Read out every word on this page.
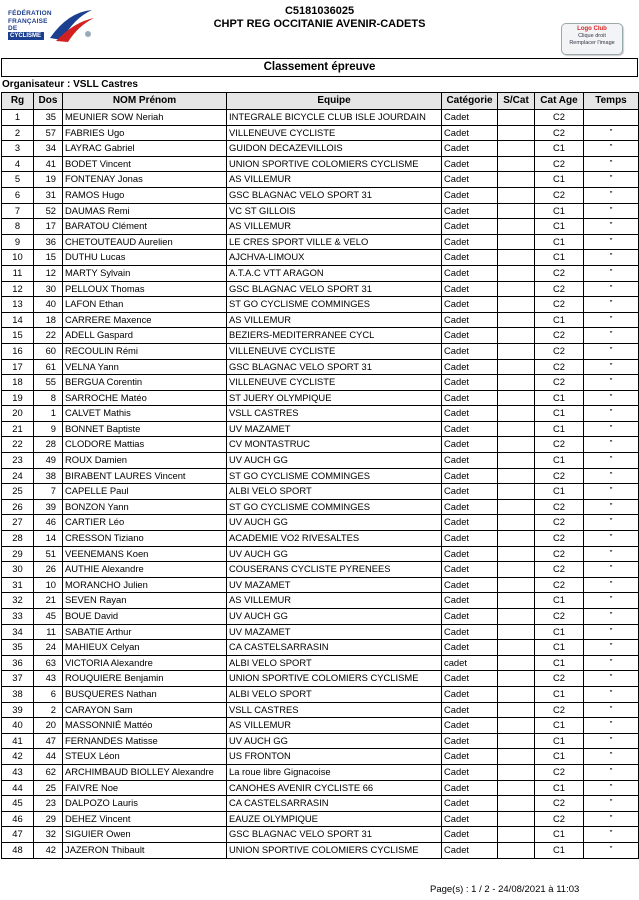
FÉDÉRATION
FRANÇAISE
DE
CYCLISME
C5181036025
CHPT REG OCCITANIE AVENIR-CADETS	Logo Club
Clique droit
Remplacer l'image
Classement épreuve
Organisateur : VSLL Castres
Rg	Dos	NOM Prénom	Equipe	Catégorie	S/Cat	Cat Age	Temps
1	35	MEUNIER SOW Neriah	INTEGRALE BICYCLE CLUB ISLE JOURDAIN	Cadet		C2	
2	57	FABRIES Ugo	VILLENEUVE CYCLISTE	Cadet		C2	"
3	34	LAYRAC Gabriel	GUIDON DECAZEVILLOIS	Cadet		C1	"
4	41	BODET Vincent	UNION SPORTIVE COLOMIERS CYCLISME	Cadet		C2	"
5	19	FONTENAY Jonas	AS VILLEMUR	Cadet		C1	"
6	31	RAMOS Hugo	GSC BLAGNAC VELO SPORT 31	Cadet		C2	"
7	52	DAUMAS Remi	VC ST GILLOIS	Cadet		C1	"
8	17	BARATOU Clément	AS VILLEMUR	Cadet		C1	"
9	36	CHETOUTEAUD Aurelien	LE CRES SPORT VILLE & VELO	Cadet		C1	"
10	15	DUTHU Lucas	AJCHVA-LIMOUX	Cadet		C1	"
11	12	MARTY Sylvain	A.T.A.C VTT ARAGON	Cadet		C2	"
12	30	PELLOUX Thomas	GSC BLAGNAC VELO SPORT 31	Cadet		C2	"
13	40	LAFON Ethan	ST GO CYCLISME COMMINGES	Cadet		C2	"
14	18	CARRERE Maxence	AS VILLEMUR	Cadet		C1	"
15	22	ADELL Gaspard	BEZIERS-MEDITERRANEE CYCL	Cadet		C2	"
16	60	RECOULIN Rémi	VILLENEUVE CYCLISTE	Cadet		C2	"
17	61	VELNA Yann	GSC BLAGNAC VELO SPORT 31	Cadet		C2	"
18	55	BERGUA Corentin	VILLENEUVE CYCLISTE	Cadet		C2	"
19	8	SARROCHE Matéo	ST JUERY OLYMPIQUE	Cadet		C1	"
20	1	CALVET Mathis	VSLL CASTRES	Cadet		C1	"
21	9	BONNET Baptiste	UV MAZAMET	Cadet		C1	"
22	28	CLODORE Mattias	CV MONTASTRUC	Cadet		C2	"
23	49	ROUX Damien	UV AUCH GG	Cadet		C1	"
24	38	BIRABENT LAURES Vincent	ST GO CYCLISME COMMINGES	Cadet		C2	"
25	7	CAPELLE Paul	ALBI VELO SPORT	Cadet		C1	"
26	39	BONZON Yann	ST GO CYCLISME COMMINGES	Cadet		C2	"
27	46	CARTIER Léo	UV AUCH GG	Cadet		C2	"
28	14	CRESSON Tiziano	ACADEMIE VO2 RIVESALTES	Cadet		C2	"
29	51	VEENEMANS Koen	UV AUCH GG	Cadet		C2	"
30	26	AUTHIE Alexandre	COUSERANS CYCLISTE PYRENEES	Cadet		C2	"
31	10	MORANCHO Julien	UV MAZAMET	Cadet		C2	"
32	21	SEVEN Rayan	AS VILLEMUR	Cadet		C1	"
33	45	BOUE David	UV AUCH GG	Cadet		C2	"
34	11	SABATIE Arthur	UV MAZAMET	Cadet		C1	"
35	24	MAHIEUX Celyan	CA CASTELSARRASIN	Cadet		C1	"
36	63	VICTORIA Alexandre	ALBI VELO SPORT	cadet		C1	"
37	43	ROUQUIERE Benjamin	UNION SPORTIVE COLOMIERS CYCLISME	Cadet		C2	"
38	6	BUSQUERES Nathan	ALBI VELO SPORT	Cadet		C1	"
39	2	CARAYON Sam	VSLL CASTRES	Cadet		C2	"
40	20	MASSONNIÉ Mattéo	AS VILLEMUR	Cadet		C1	"
41	47	FERNANDES Matisse	UV AUCH GG	Cadet		C1	"
42	44	STEUX Léon	US FRONTON	Cadet		C1	"
43	62	ARCHIMBAUD BIOLLEY Alexandre	La roue libre Gignacoise	Cadet		C2	"
44	25	FAIVRE Noe	CANOHES AVENIR CYCLISTE 66	Cadet		C1	"
45	23	DALPOZO Lauris	CA CASTELSARRASIN	Cadet		C2	"
46	29	DEHEZ Vincent	EAUZE OLYMPIQUE	Cadet		C2	"
47	32	SIGUIER Owen	GSC BLAGNAC VELO SPORT 31	Cadet		C1	"
48	42	JAZERON Thibault	UNION SPORTIVE COLOMIERS CYCLISME	Cadet		C1	"
Page(s) : 1 / 2 - 24/08/2021 à 11:03
